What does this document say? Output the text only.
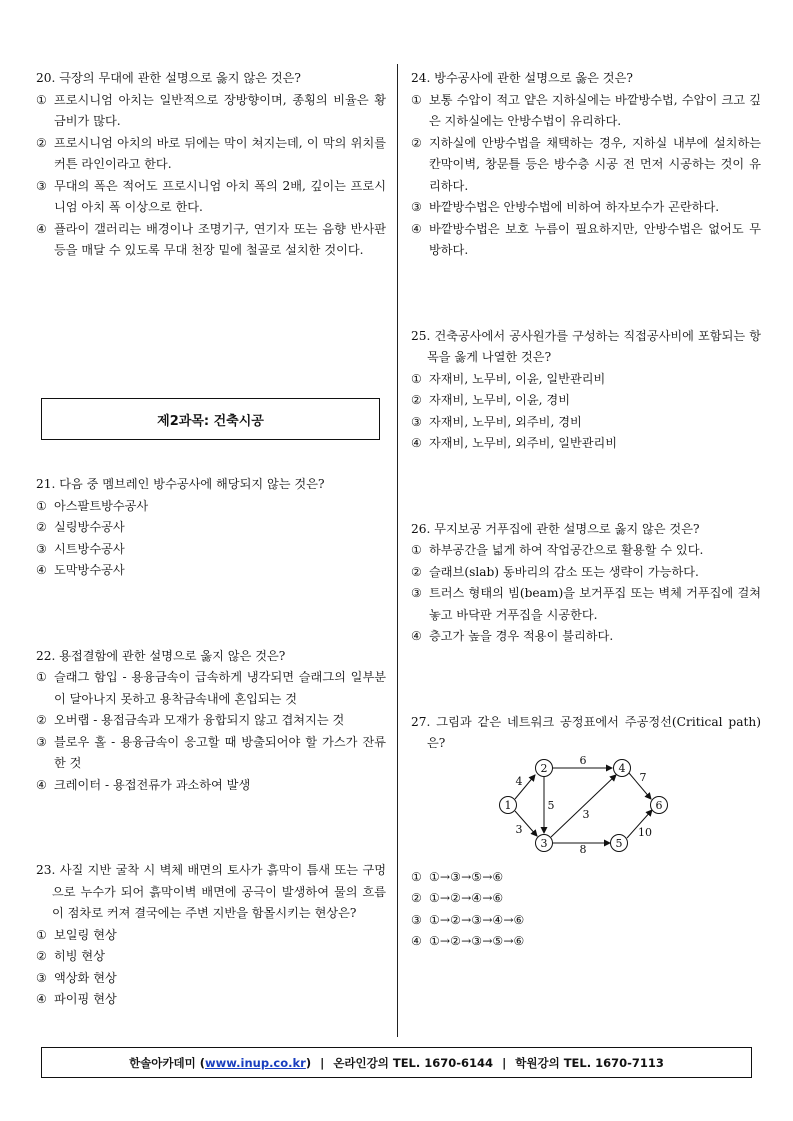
20. 극장의 무대에 관한 설명으로 옳지 않은 것은?
① 프로시니엄 아치는 일반적으로 장방향이며, 종횡의 비율은 황금비가 많다.
② 프로시니엄 아치의 바로 뒤에는 막이 쳐지는데, 이 막의 위치를 커튼 라인이라고 한다.
③ 무대의 폭은 적어도 프로시니엄 아치 폭의 2배, 깊이는 프로시니엄 아치 폭 이상으로 한다.
④ 플라이 갤러리는 배경이나 조명기구, 연기자 또는 음향 반사판 등을 매달 수 있도록 무대 천장 밑에 철골로 설치한 것이다.
제2과목: 건축시공
21. 다음 중 멤브레인 방수공사에 해당되지 않는 것은?
① 아스팔트방수공사
② 실링방수공사
③ 시트방수공사
④ 도막방수공사
22. 용접결함에 관한 설명으로 옳지 않은 것은?
① 슬래그 함입 - 용융금속이 급속하게 냉각되면 슬래그의 일부분이 달아나지 못하고 용착금속내에 혼입되는 것
② 오버랩 - 용접금속과 모재가 융합되지 않고 겹쳐지는 것
③ 블로우 홀 - 용융금속이 응고할 때 방출되어야 할 가스가 잔류한 것
④ 크레이터 - 용접전류가 과소하여 발생
23. 사질 지반 굴착 시 벽체 배면의 토사가 흙막이 틈새 또는 구멍으로 누수가 되어 흙막이벽 배면에 공극이 발생하여 물의 흐름이 점차로 커져 결국에는 주변 지반을 함몰시키는 현상은?
① 보일링 현상
② 히빙 현상
③ 액상화 현상
④ 파이핑 현상
24. 방수공사에 관한 설명으로 옳은 것은?
① 보통 수압이 적고 얕은 지하실에는 바깥방수법, 수압이 크고 깊은 지하실에는 안방수법이 유리하다.
② 지하실에 안방수법을 채택하는 경우, 지하실 내부에 설치하는 칸막이벽, 창문틀 등은 방수층 시공 전 먼저 시공하는 것이 유리하다.
③ 바깥방수법은 안방수법에 비하여 하자보수가 곤란하다.
④ 바깥방수법은 보호 누름이 필요하지만, 안방수법은 없어도 무방하다.
25. 건축공사에서 공사원가를 구성하는 직접공사비에 포함되는 항목을 옳게 나열한 것은?
① 자재비, 노무비, 이윤, 일반관리비
② 자재비, 노무비, 이윤, 경비
③ 자재비, 노무비, 외주비, 경비
④ 자재비, 노무비, 외주비, 일반관리비
26. 무지보공 거푸집에 관한 설명으로 옳지 않은 것은?
① 하부공간을 넓게 하여 작업공간으로 활용할 수 있다.
② 슬래브(slab) 동바리의 감소 또는 생략이 가능하다.
③ 트러스 형태의 빔(beam)을 보거푸집 또는 벽체 거푸집에 걸쳐 놓고 바닥판 거푸집을 시공한다.
④ 층고가 높을 경우 적용이 불리하다.
27. 그림과 같은 네트워크 공정표에서 주공정선(Critical path)은?
① ①→③→⑤→⑥
② ①→②→④→⑥
③ ①→②→③→④→⑥
④ ①→②→③→⑤→⑥
1
2
3
4
5
6
4
3
5
6
3
8
7
10
한솔아카데미 ( www.inup.co.kr ) | 온라인강의 TEL. 1670-6144 | 학원강의 TEL. 1670-7113
